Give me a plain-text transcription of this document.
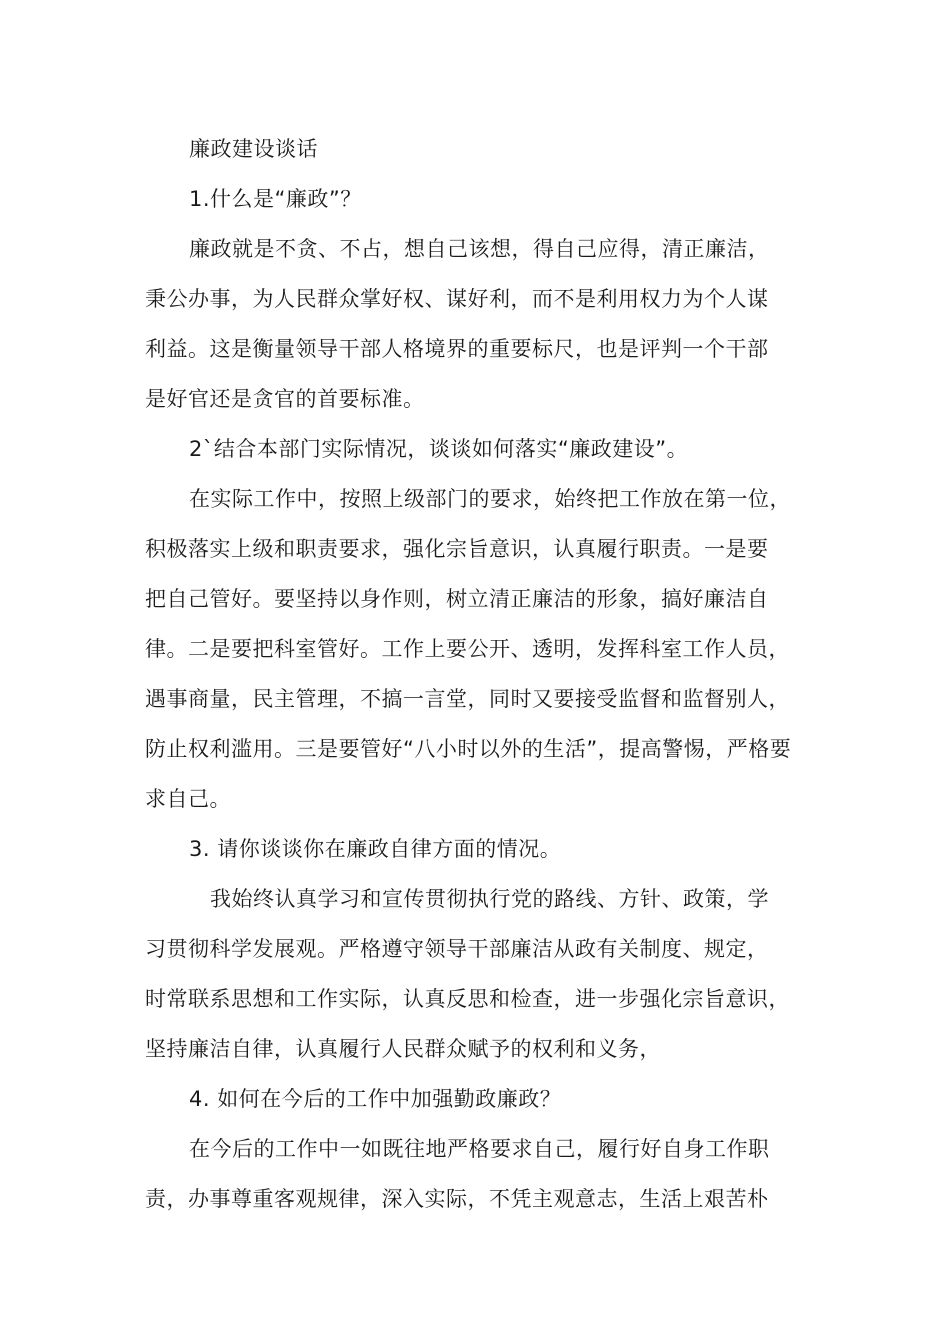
廉政建设谈话
1.什么是“廉政”？
廉政就是不贪、不占，想自己该想，得自己应得，清正廉洁，
秉公办事，为人民群众掌好权、谋好利，而不是利用权力为个人谋
利益。这是衡量领导干部人格境界的重要标尺，也是评判一个干部
是好官还是贪官的首要标准。
2`结合本部门实际情况，谈谈如何落实“廉政建设”。
在实际工作中，按照上级部门的要求，始终把工作放在第一位，
积极落实上级和职责要求，强化宗旨意识，认真履行职责。一是要
把自己管好。要坚持以身作则，树立清正廉洁的形象，搞好廉洁自
律。二是要把科室管好。工作上要公开、透明，发挥科室工作人员，
遇事商量，民主管理，不搞一言堂，同时又要接受监督和监督别人，
防止权利滥用。三是要管好“八小时以外的生活”，提高警惕，严格要
求自己。
3. 请你谈谈你在廉政自律方面的情况。
我始终认真学习和宣传贯彻执行党的路线、方针、政策，学
习贯彻科学发展观。严格遵守领导干部廉洁从政有关制度、规定，
时常联系思想和工作实际，认真反思和检查，进一步强化宗旨意识，
坚持廉洁自律，认真履行人民群众赋予的权利和义务，
4. 如何在今后的工作中加强勤政廉政？
在今后的工作中一如既往地严格要求自己，履行好自身工作职
责，办事尊重客观规律，深入实际，不凭主观意志，生活上艰苦朴
